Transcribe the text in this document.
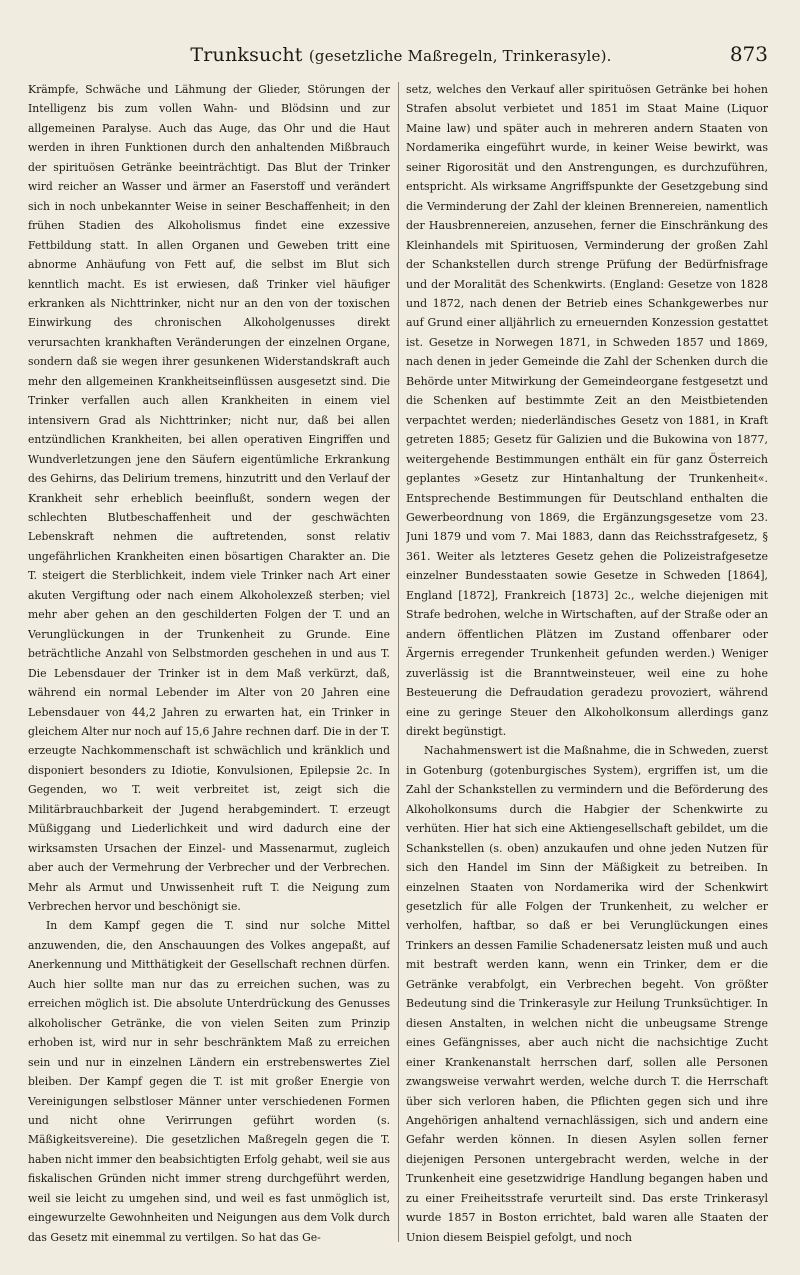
Trunksucht (gesetzliche Maßregeln, Trinkerasyle).	873

Krämpfe, Schwäche und Lähmung der Glieder, Störungen der Intelligenz bis zum vollen Wahn- und Blödsinn und zur allgemeinen Paralyse. Auch das Auge, das Ohr und die Haut werden in ihren Funktionen durch den anhaltenden Mißbrauch der spirituösen Getränke beeinträchtigt. Das Blut der Trinker wird reicher an Wasser und ärmer an Faserstoff und verändert sich in noch unbekannter Weise in seiner Beschaffenheit; in den frühen Stadien des Alkoholismus findet eine exzessive Fettbildung statt. In allen Organen und Geweben tritt eine abnorme Anhäufung von Fett auf, die selbst im Blut sich kenntlich macht. Es ist erwiesen, daß Trinker viel häufiger erkranken als Nichttrinker, nicht nur an den von der toxischen Einwirkung des chronischen Alkoholgenusses direkt verursachten krankhaften Veränderungen der einzelnen Organe, sondern daß sie wegen ihrer gesunkenen Widerstandskraft auch mehr den allgemeinen Krankheitseinflüssen ausgesetzt sind. Die Trinker verfallen auch allen Krankheiten in einem viel intensivern Grad als Nichttrinker; nicht nur, daß bei allen entzündlichen Krankheiten, bei allen operativen Eingriffen und Wundverletzungen jene den Säufern eigentümliche Erkrankung des Gehirns, das Delirium tremens, hinzutritt und den Verlauf der Krankheit sehr erheblich beeinflußt, sondern wegen der schlechten Blutbeschaffenheit und der geschwächten Lebenskraft nehmen die auftretenden, sonst relativ ungefährlichen Krankheiten einen bösartigen Charakter an. Die T. steigert die Sterblichkeit, indem viele Trinker nach Art einer akuten Vergiftung oder nach einem Alkoholexzeß sterben; viel mehr aber gehen an den geschilderten Folgen der T. und an Verunglückungen in der Trunkenheit zu Grunde. Eine beträchtliche Anzahl von Selbstmorden geschehen in und aus T. Die Lebensdauer der Trinker ist in dem Maß verkürzt, daß, während ein normal Lebender im Alter von 20 Jahren eine Lebensdauer von 44,2 Jahren zu erwarten hat, ein Trinker in gleichem Alter nur noch auf 15,6 Jahre rechnen darf. Die in der T. erzeugte Nachkommenschaft ist schwächlich und kränklich und disponiert besonders zu Idiotie, Konvulsionen, Epilepsie 2c. In Gegenden, wo T. weit verbreitet ist, zeigt sich die Militärbrauchbarkeit der Jugend herabgemindert. T. erzeugt Müßiggang und Liederlichkeit und wird dadurch eine der wirksamsten Ursachen der Einzel- und Massenarmut, zugleich aber auch der Vermehrung der Verbrecher und der Verbrechen. Mehr als Armut und Unwissenheit ruft T. die Neigung zum Verbrechen hervor und beschönigt sie.

In dem Kampf gegen die T. sind nur solche Mittel anzuwenden, die, den Anschauungen des Volkes angepaßt, auf Anerkennung und Mitthätigkeit der Gesellschaft rechnen dürfen. Auch hier sollte man nur das zu erreichen suchen, was zu erreichen möglich ist. Die absolute Unterdrückung des Genusses alkoholischer Getränke, die von vielen Seiten zum Prinzip erhoben ist, wird nur in sehr beschränktem Maß zu erreichen sein und nur in einzelnen Ländern ein erstrebenswertes Ziel bleiben. Der Kampf gegen die T. ist mit großer Energie von Vereinigungen selbstloser Männer unter verschiedenen Formen und nicht ohne Verirrungen geführt worden (s. Mäßigkeitsvereine). Die gesetzlichen Maßregeln gegen die T. haben nicht immer den beabsichtigten Erfolg gehabt, weil sie aus fiskalischen Gründen nicht immer streng durchgeführt werden, weil sie leicht zu umgehen sind, und weil es fast unmöglich ist, eingewurzelte Gewohnheiten und Neigungen aus dem Volk durch das Gesetz mit einemmal zu vertilgen. So hat das Ge-

setz, welches den Verkauf aller spirituösen Getränke bei hohen Strafen absolut verbietet und 1851 im Staat Maine (Liquor Maine law) und später auch in mehreren andern Staaten von Nordamerika eingeführt wurde, in keiner Weise bewirkt, was seiner Rigorosität und den Anstrengungen, es durchzuführen, entspricht. Als wirksame Angriffspunkte der Gesetzgebung sind die Verminderung der Zahl der kleinen Brennereien, namentlich der Hausbrennereien, anzusehen, ferner die Einschränkung des Kleinhandels mit Spirituosen, Verminderung der großen Zahl der Schankstellen durch strenge Prüfung der Bedürfnisfrage und der Moralität des Schenkwirts. (England: Gesetze von 1828 und 1872, nach denen der Betrieb eines Schankgewerbes nur auf Grund einer alljährlich zu erneuernden Konzession gestattet ist. Gesetze in Norwegen 1871, in Schweden 1857 und 1869, nach denen in jeder Gemeinde die Zahl der Schenken durch die Behörde unter Mitwirkung der Gemeindeorgane festgesetzt und die Schenken auf bestimmte Zeit an den Meistbietenden verpachtet werden; niederländisches Gesetz von 1881, in Kraft getreten 1885; Gesetz für Galizien und die Bukowina von 1877, weitergehende Bestimmungen enthält ein für ganz Österreich geplantes »Gesetz zur Hintanhaltung der Trunkenheit«. Entsprechende Bestimmungen für Deutschland enthalten die Gewerbeordnung von 1869, die Ergänzungsgesetze vom 23. Juni 1879 und vom 7. Mai 1883, dann das Reichsstrafgesetz, § 361. Weiter als letzteres Gesetz gehen die Polizeistrafgesetze einzelner Bundesstaaten sowie Gesetze in Schweden [1864], England [1872], Frankreich [1873] 2c., welche diejenigen mit Strafe bedrohen, welche in Wirtschaften, auf der Straße oder an andern öffentlichen Plätzen im Zustand offenbarer oder Ärgernis erregender Trunkenheit gefunden werden.) Weniger zuverlässig ist die Branntweinsteuer, weil eine zu hohe Besteuerung die Defraudation geradezu provoziert, während eine zu geringe Steuer den Alkoholkonsum allerdings ganz direkt begünstigt.

Nachahmenswert ist die Maßnahme, die in Schweden, zuerst in Gotenburg (gotenburgisches System), ergriffen ist, um die Zahl der Schankstellen zu vermindern und die Beförderung des Alkoholkonsums durch die Habgier der Schenkwirte zu verhüten. Hier hat sich eine Aktiengesellschaft gebildet, um die Schankstellen (s. oben) anzukaufen und ohne jeden Nutzen für sich den Handel im Sinn der Mäßigkeit zu betreiben. In einzelnen Staaten von Nordamerika wird der Schenkwirt gesetzlich für alle Folgen der Trunkenheit, zu welcher er verholfen, haftbar, so daß er bei Verunglückungen eines Trinkers an dessen Familie Schadenersatz leisten muß und auch mit bestraft werden kann, wenn ein Trinker, dem er die Getränke verabfolgt, ein Verbrechen begeht. Von größter Bedeutung sind die Trinkerasyle zur Heilung Trunksüchtiger. In diesen Anstalten, in welchen nicht die unbeugsame Strenge eines Gefängnisses, aber auch nicht die nachsichtige Zucht einer Krankenanstalt herrschen darf, sollen alle Personen zwangsweise verwahrt werden, welche durch T. die Herrschaft über sich verloren haben, die Pflichten gegen sich und ihre Angehörigen anhaltend vernachlässigen, sich und andern eine Gefahr werden können. In diesen Asylen sollen ferner diejenigen Personen untergebracht werden, welche in der Trunkenheit eine gesetzwidrige Handlung begangen haben und zu einer Freiheitsstrafe verurteilt sind. Das erste Trinkerasyl wurde 1857 in Boston errichtet, bald waren alle Staaten der Union diesem Beispiel gefolgt, und noch
